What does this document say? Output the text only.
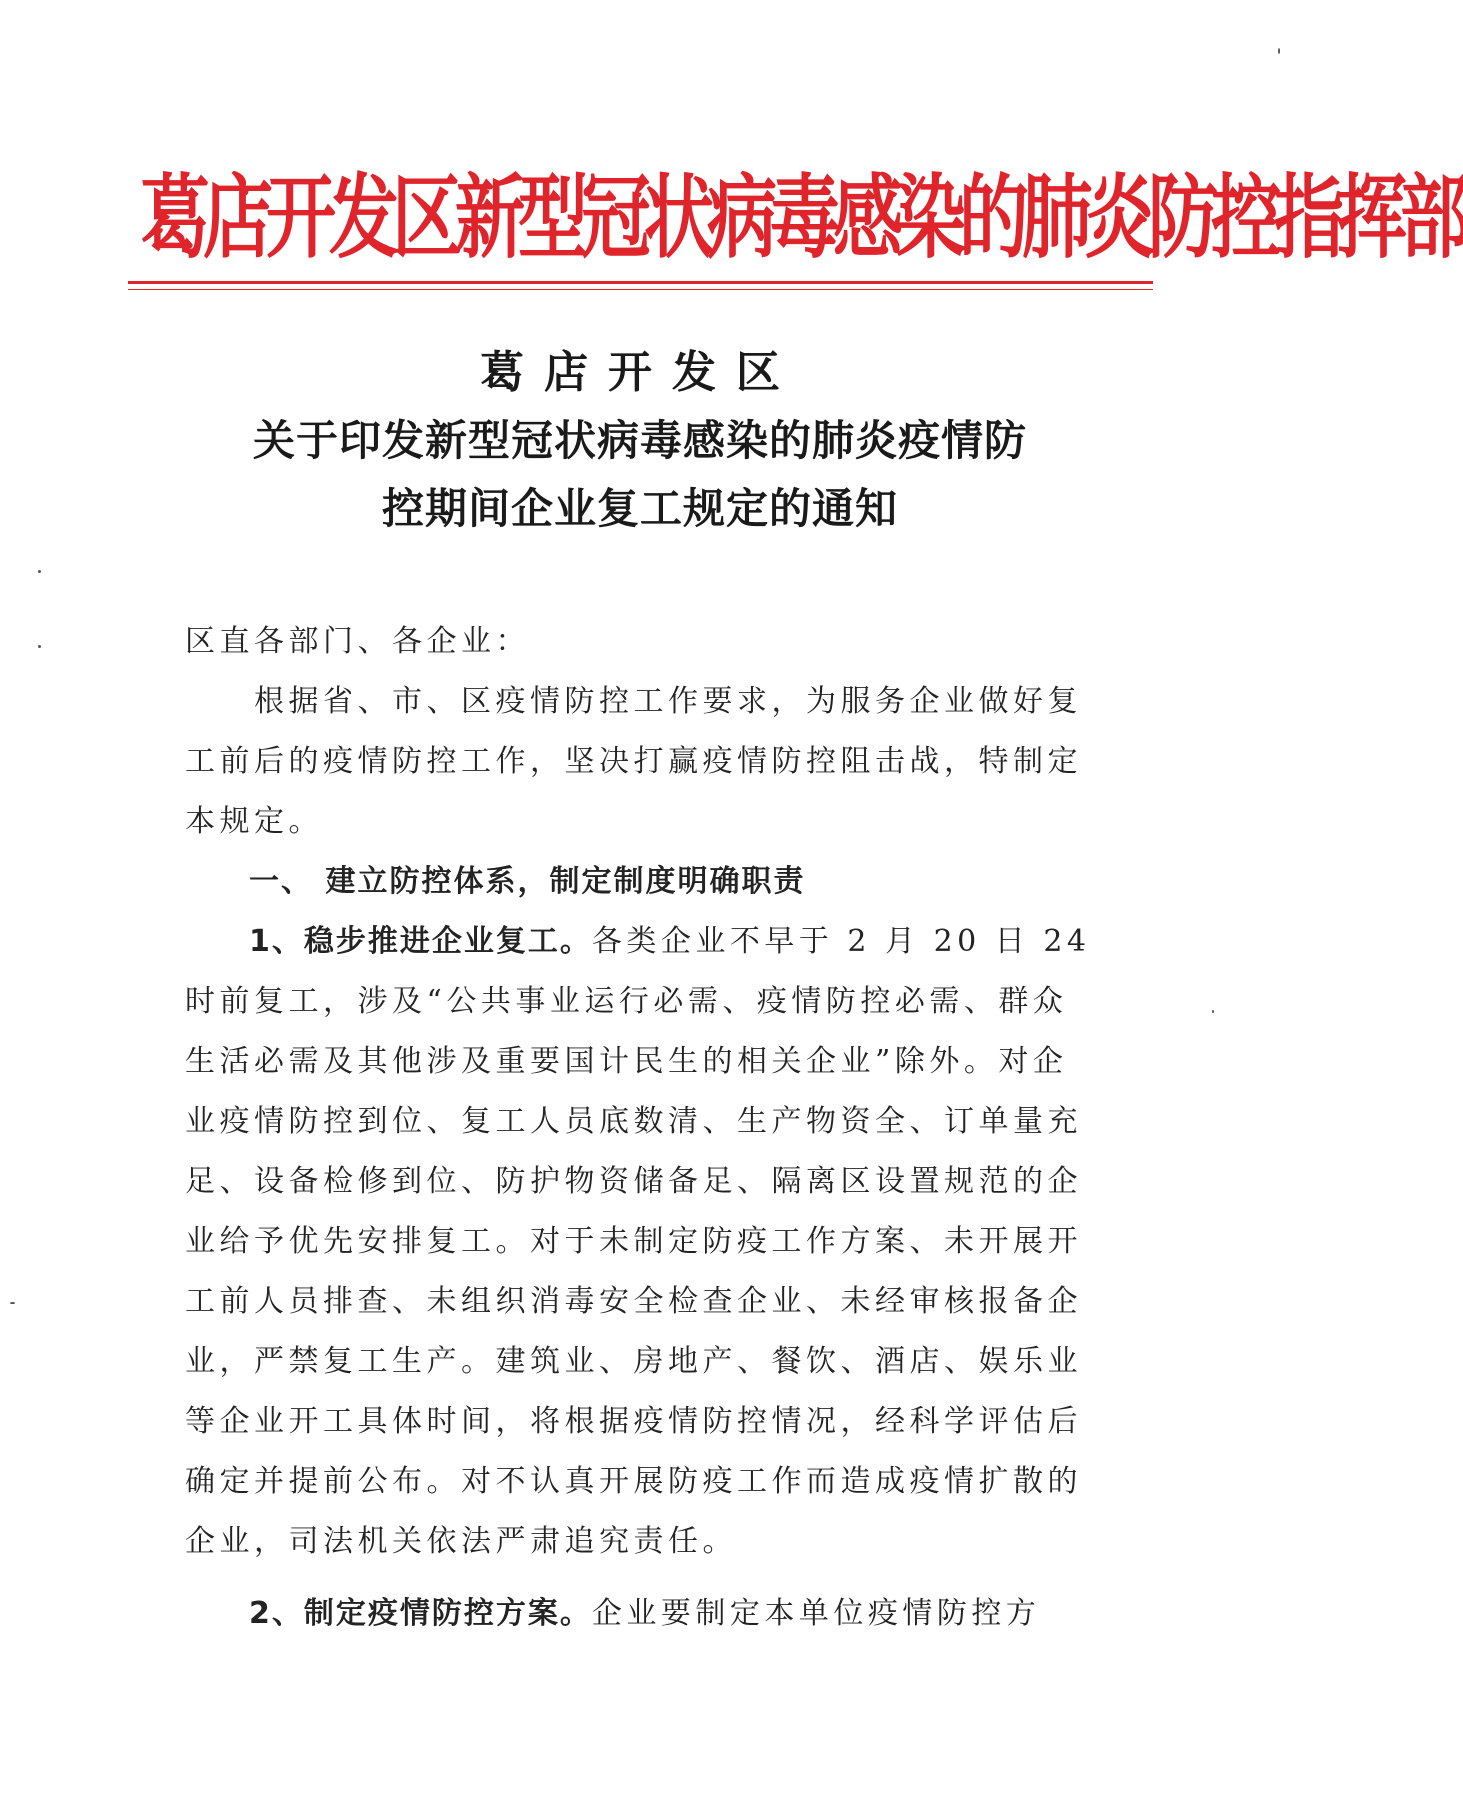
葛店开发区新型冠状病毒感染的肺炎防控指挥部
葛店开发区
关于印发新型冠状病毒感染的肺炎疫情防
控期间企业复工规定的通知
区直各部门、各企业：
　　根据省、市、区疫情防控工作要求，为服务企业做好复
工前后的疫情防控工作，坚决打赢疫情防控阻击战，特制定
本规定。
　　一、 建立防控体系，制定制度明确职责
　　1、稳步推进企业复工。各类企业不早于 2 月 20 日 24
时前复工，涉及“公共事业运行必需、疫情防控必需、群众
生活必需及其他涉及重要国计民生的相关企业”除外。对企
业疫情防控到位、复工人员底数清、生产物资全、订单量充
足、设备检修到位、防护物资储备足、隔离区设置规范的企
业给予优先安排复工。对于未制定防疫工作方案、未开展开
工前人员排查、未组织消毒安全检查企业、未经审核报备企
业，严禁复工生产。建筑业、房地产、餐饮、酒店、娱乐业
等企业开工具体时间，将根据疫情防控情况，经科学评估后
确定并提前公布。对不认真开展防疫工作而造成疫情扩散的
企业，司法机关依法严肃追究责任。
　　2、制定疫情防控方案。企业要制定本单位疫情防控方
